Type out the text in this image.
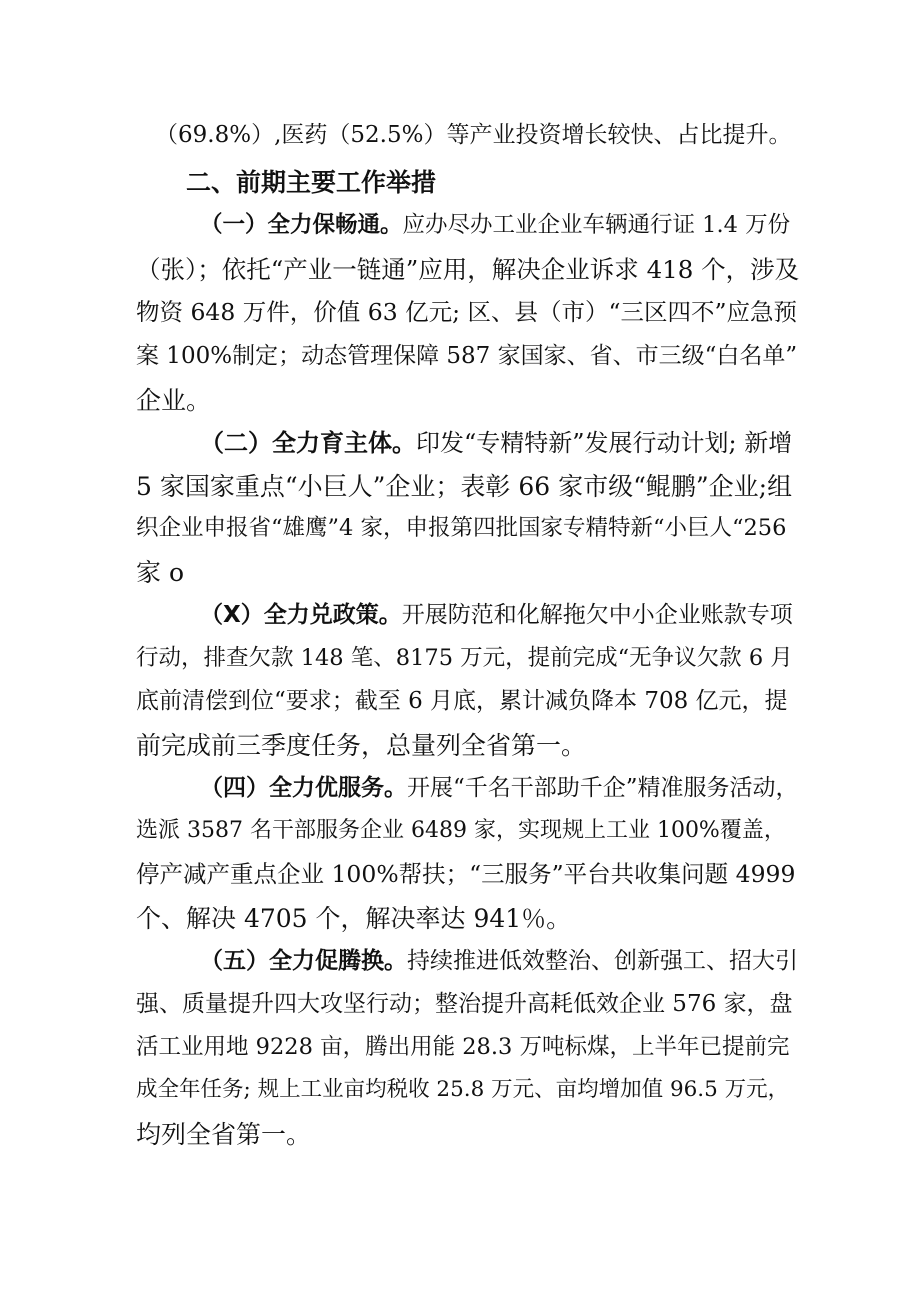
（69.8%）,医药（52.5%）等产业投资增长较快、占比提升。
二、前期主要工作举措
（一）全力保畅通。应办尽办工业企业车辆通行证 1.4 万份
（张）；依托“产业一链通”应用，解决企业诉求 418 个，涉及
物资 648 万件，价值 63 亿元; 区、县（市）“三区四不”应急预
案 100%制定；动态管理保障 587 家国家、省、市三级“白名单”
企业。
（二）全力育主体。印发“专精特新”发展行动计划; 新增
5 家国家重点“小巨人”企业；表彰 66 家市级“鲲鹏”企业;组
织企业申报省“雄鹰”4 家，申报第四批国家专精特新“小巨人“256
家 o
（X）全力兑政策。开展防范和化解拖欠中小企业账款专项
行动，排查欠款 148 笔、8175 万元，提前完成“无争议欠款 6 月
底前清偿到位“要求；截至 6 月底，累计减负降本 708 亿元，提
前完成前三季度任务，总量列全省第一。
（四）全力优服务。开展“千名干部助千企”精准服务活动，
选派 3587 名干部服务企业 6489 家，实现规上工业 100%覆盖，
停产减产重点企业 100%帮扶；“三服务”平台共收集问题 4999
个、解决 4705 个，解决率达 941％。
（五）全力促腾换。持续推进低效整治、创新强工、招大引
强、质量提升四大攻坚行动；整治提升高耗低效企业 576 家，盘
活工业用地 9228 亩，腾出用能 28.3 万吨标煤，上半年已提前完
成全年任务; 规上工业亩均税收 25.8 万元、亩均增加值 96.5 万元，
均列全省第一。
